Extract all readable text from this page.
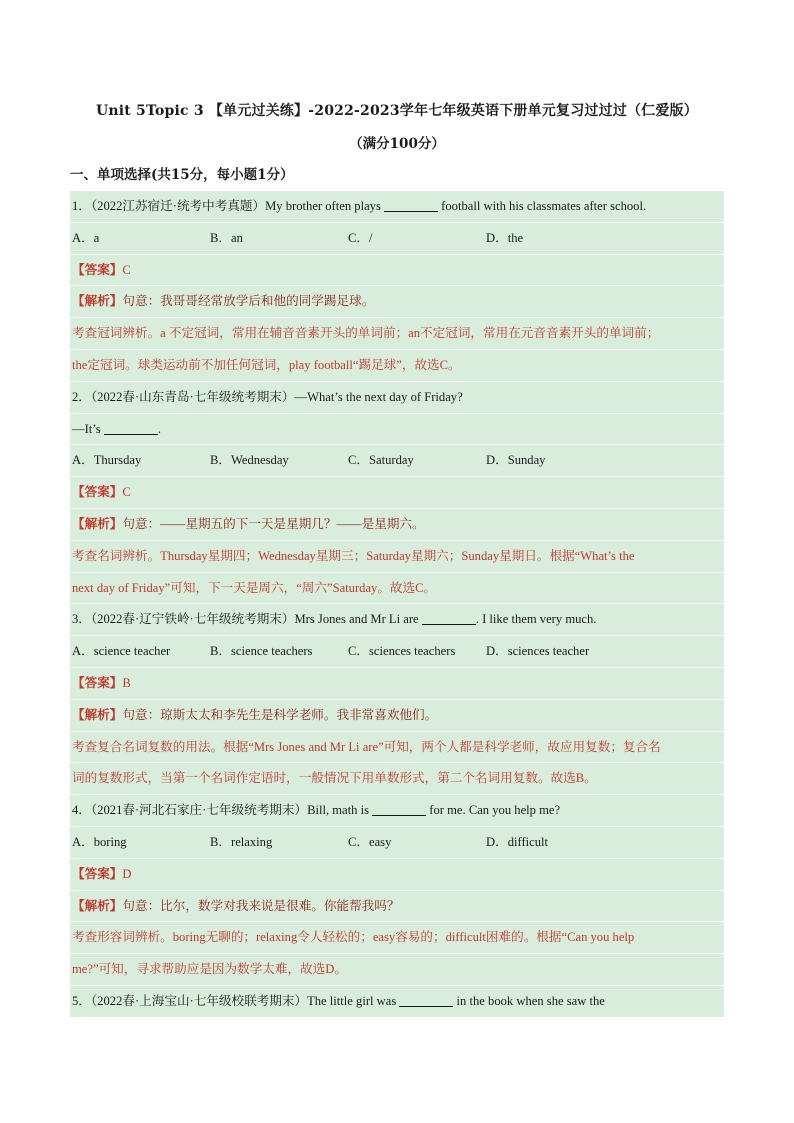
Unit 5Topic 3 【单元过关练】-2022-2023学年七年级英语下册单元复习过过过（仁爱版）
（满分100分）
一、单项选择(共15分，每小题1分）
1．（2022江苏宿迁·统考中考真题）My brother often plays	football with his classmates after school.
A．a	B．an	C．/	D．the
【答案】C
【解析】句意：我哥哥经常放学后和他的同学踢足球。
考查冠词辨析。a 不定冠词，常用在辅音音素开头的单词前；an不定冠词，常用在元音音素开头的单词前；
the定冠词。球类运动前不加任何冠词，play football“踢足球”，故选C。
2．（2022春·山东青岛·七年级统考期末）—What’s the next day of Friday?
—It’s	.
A．Thursday	B．Wednesday	C．Saturday	D．Sunday
【答案】C
【解析】句意：——星期五的下一天是星期几？——是星期六。
考查名词辨析。Thursday星期四；Wednesday星期三；Saturday星期六；Sunday星期日。根据“What’s the
next day of Friday”可知，下一天是周六，“周六”Saturday。故选C。
3．（2022春·辽宁铁岭·七年级统考期末）Mrs Jones and Mr Li are	. I like them very much.
A．science teacher	B．science teachers	C．sciences teachers	D．sciences teacher
【答案】B
【解析】句意：琼斯太太和李先生是科学老师。我非常喜欢他们。
考查复合名词复数的用法。根据“Mrs Jones and Mr Li are”可知，两个人都是科学老师，故应用复数；复合名
词的复数形式，当第一个名词作定语时，一般情况下用单数形式，第二个名词用复数。故选B。
4．（2021春·河北石家庄·七年级统考期末）Bill, math is	for me. Can you help me?
A．boring	B．relaxing	C．easy	D．difficult
【答案】D
【解析】句意：比尔，数学对我来说是很难。你能帮我吗？
考查形容词辨析。boring无聊的；relaxing令人轻松的；easy容易的；difficult困难的。根据“Can you help
me?”可知，寻求帮助应是因为数学太难，故选D。
5．（2022春·上海宝山·七年级校联考期末）The little girl was	in the book when she saw the
